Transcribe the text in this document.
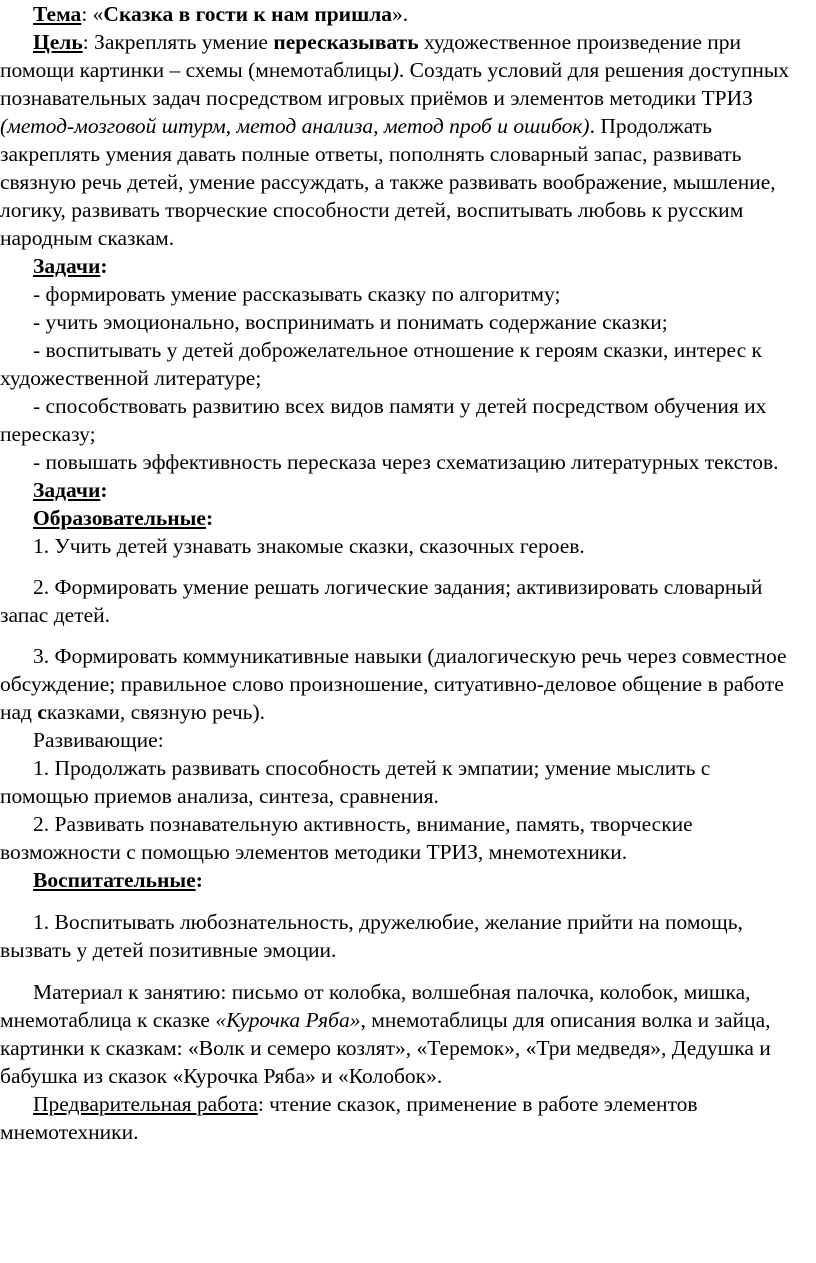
Тема: «Сказка в гости к нам пришла».

Цель: Закреплять умение пересказывать художественное произведение при помощи картинки – схемы (мнемотаблицы). Создать условий для решения доступных познавательных задач посредством игровых приёмов и элементов методики ТРИЗ (метод-мозговой штурм, метод анализа, метод проб и ошибок). Продолжать закреплять умения давать полные ответы, пополнять словарный запас, развивать связную речь детей, умение рассуждать, а также развивать воображение, мышление,

логику, развивать творческие способности детей, воспитывать любовь к русским народным сказкам.

Задачи:

- формировать умение рассказывать сказку по алгоритму;

- учить эмоционально, воспринимать и понимать содержание сказки;

- воспитывать у детей доброжелательное отношение к героям сказки, интерес к художественной литературе;

- способствовать развитию всех видов памяти у детей посредством обучения их пересказу;

- повышать эффективность пересказа через схематизацию литературных текстов.

Задачи:

Образовательные:

1. Учить детей узнавать знакомые сказки, сказочных героев.

2. Формировать умение решать логические задания; активизировать словарный запас детей.

3. Формировать коммуникативные навыки (диалогическую речь через совместное обсуждение; правильное слово произношение, ситуативно-деловое общение в работе над сказками, связную речь).

Развивающие:

1. Продолжать развивать способность детей к эмпатии; умение мыслить с помощью приемов анализа, синтеза, сравнения.

2. Развивать познавательную активность, внимание, память, творческие возможности с помощью элементов методики ТРИЗ, мнемотехники.

Воспитательные:

1. Воспитывать любознательность, дружелюбие, желание прийти на помощь, вызвать у детей позитивные эмоции.

Материал к занятию: письмо от колобка, волшебная палочка, колобок, мишка, мнемотаблица к сказке «Курочка Ряба», мнемотаблицы для описания волка и зайца, картинки к сказкам: «Волк и семеро козлят», «Теремок», «Три медведя», Дедушка и бабушка из сказок «Курочка Ряба» и «Колобок».

Предварительная работа: чтение сказок, применение в работе элементов мнемотехники.
